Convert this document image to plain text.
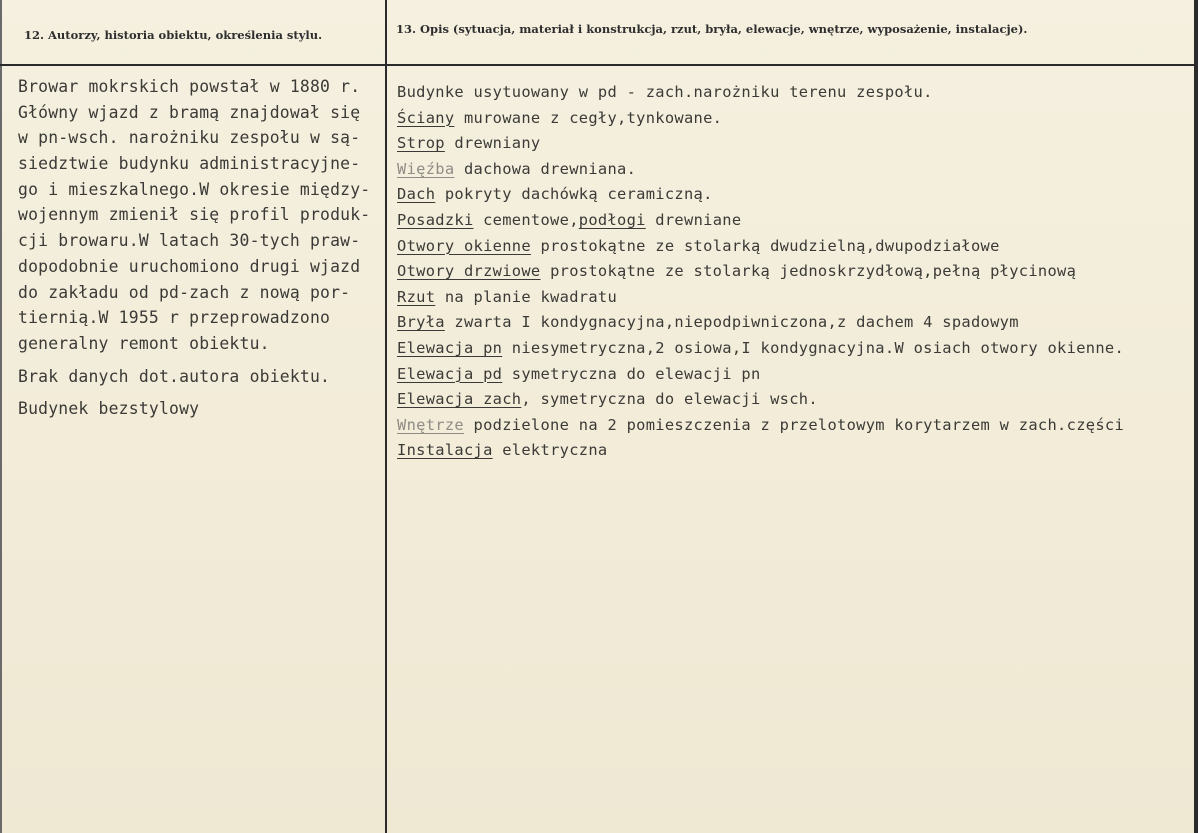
12. Autorzy, historia obiektu, określenia stylu.	13. Opis (sytuacja, materiał i konstrukcja, rzut, bryła, elewacje, wnętrze, wyposażenie, instalacje).
Browar mokrskich powstał w 1880 r.
Główny wjazd z bramą znajdował się
w pn-wsch. narożniku zespołu w są-
siedztwie budynku administracyjne-
go i mieszkalnego.W okresie między-
wojennym zmienił się profil produk-
cji browaru.W latach 30-tych praw-
dopodobnie uruchomiono drugi wjazd
do zakładu od pd-zach z nową por-
tiernią.W 1955 r przeprowadzono
generalny remont obiektu.
Brak danych dot.autora obiektu.
Budynek bezstylowy
Budynke usytuowany w pd - zach.narożniku terenu zespołu.
Ściany murowane z cegły,tynkowane.
Strop drewniany
Więźba dachowa drewniana.
Dach pokryty dachówką ceramiczną.
Posadzki cementowe,podłogi drewniane
Otwory okienne prostokątne ze stolarką dwudzielną,dwupodziałowe
Otwory drzwiowe prostokątne ze stolarką jednoskrzydłową,pełną płycinową
Rzut na planie kwadratu
Bryła zwarta I kondygnacyjna,niepodpiwniczona,z dachem 4 spadowym
Elewacja pn niesymetryczna,2 osiowa,I kondygnacyjna.W osiach otwory okienne.
Elewacja pd symetryczna do elewacji pn
Elewacja zach, symetryczna do elewacji wsch.
Wnętrze podzielone na 2 pomieszczenia z przelotowym korytarzem w zach.części
Instalacja elektryczna
